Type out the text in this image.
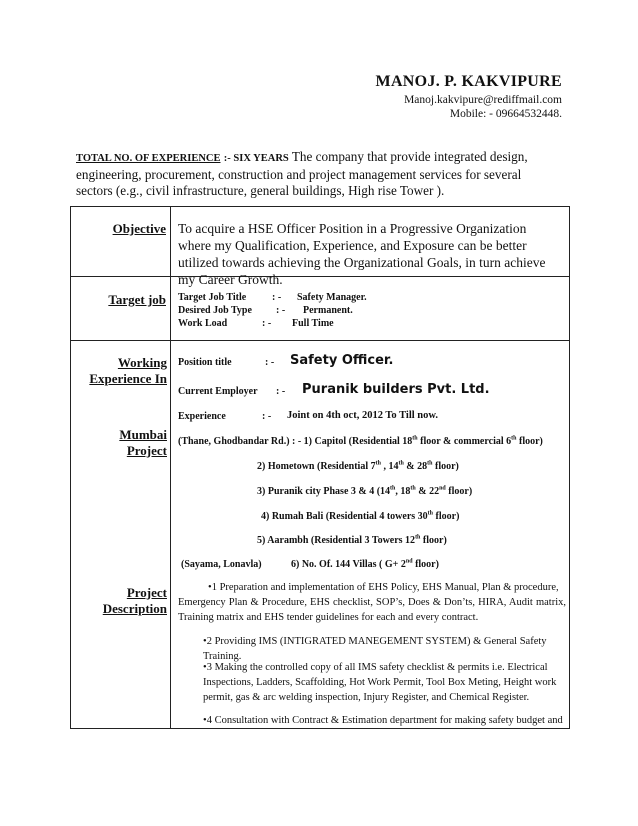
MANOJ. P. KAKVIPURE
Manoj.kakvipure@rediffmail.com
Mobile: - 09664532448.
TOTAL NO. OF EXPERIENCE :- SIX YEARS The company that provide integrated design, engineering, procurement, construction and project management services for several sectors (e.g., civil infrastructure, general buildings, High rise Tower ).
Objective To acquire a HSE Officer Position in a Progressive Organization where my Qualification, Experience, and Exposure can be better utilized towards achieving the Organizational Goals, in turn achieve my Career Growth.
Target job Target Job Title	: - Safety Manager.
Desired Job Type : - Permanent.
Work Load	: - Full Time
Working
Experience In
Position title	: - Safety Officer.
Current Employer : - Puranik builders Pvt. Ltd.
Experience	: - Joint on 4th oct, 2012 To Till now.
Mumbai
Project
(Thane, Ghodbandar Rd.) : - 1) Capitol (Residential 18th floor & commercial 6th floor)
2) Hometown (Residential 7th , 14th & 28th floor)
3) Puranik city Phase 3 & 4 (14th, 18th & 22nd floor)
4) Rumah Bali (Residential 4 towers 30th floor)
5) Aarambh (Residential 3 Towers 12th floor)
(Sayama, Lonavla)	6) No. Of. 144 Villas ( G+ 2nd floor)
Project
Description
•1 Preparation and implementation of EHS Policy, EHS Manual, Plan & procedure,
Emergency Plan & Procedure, EHS checklist, SOP’s, Does & Don’ts, HIRA, Audit matrix, Training matrix and EHS tender guidelines for each and every contract.
•2 Providing IMS (INTIGRATED MANEGEMENT SYSTEM) & General Safety Training.
•3 Making the controlled copy of all IMS safety checklist & permits i.e. Electrical Inspections, Ladders, Scaffolding, Hot Work Permit, Tool Box Meting, Height work permit, gas & arc welding inspection, Injury Register, and Chemical Register.
•4 Consultation with Contract & Estimation department for making safety budget and
